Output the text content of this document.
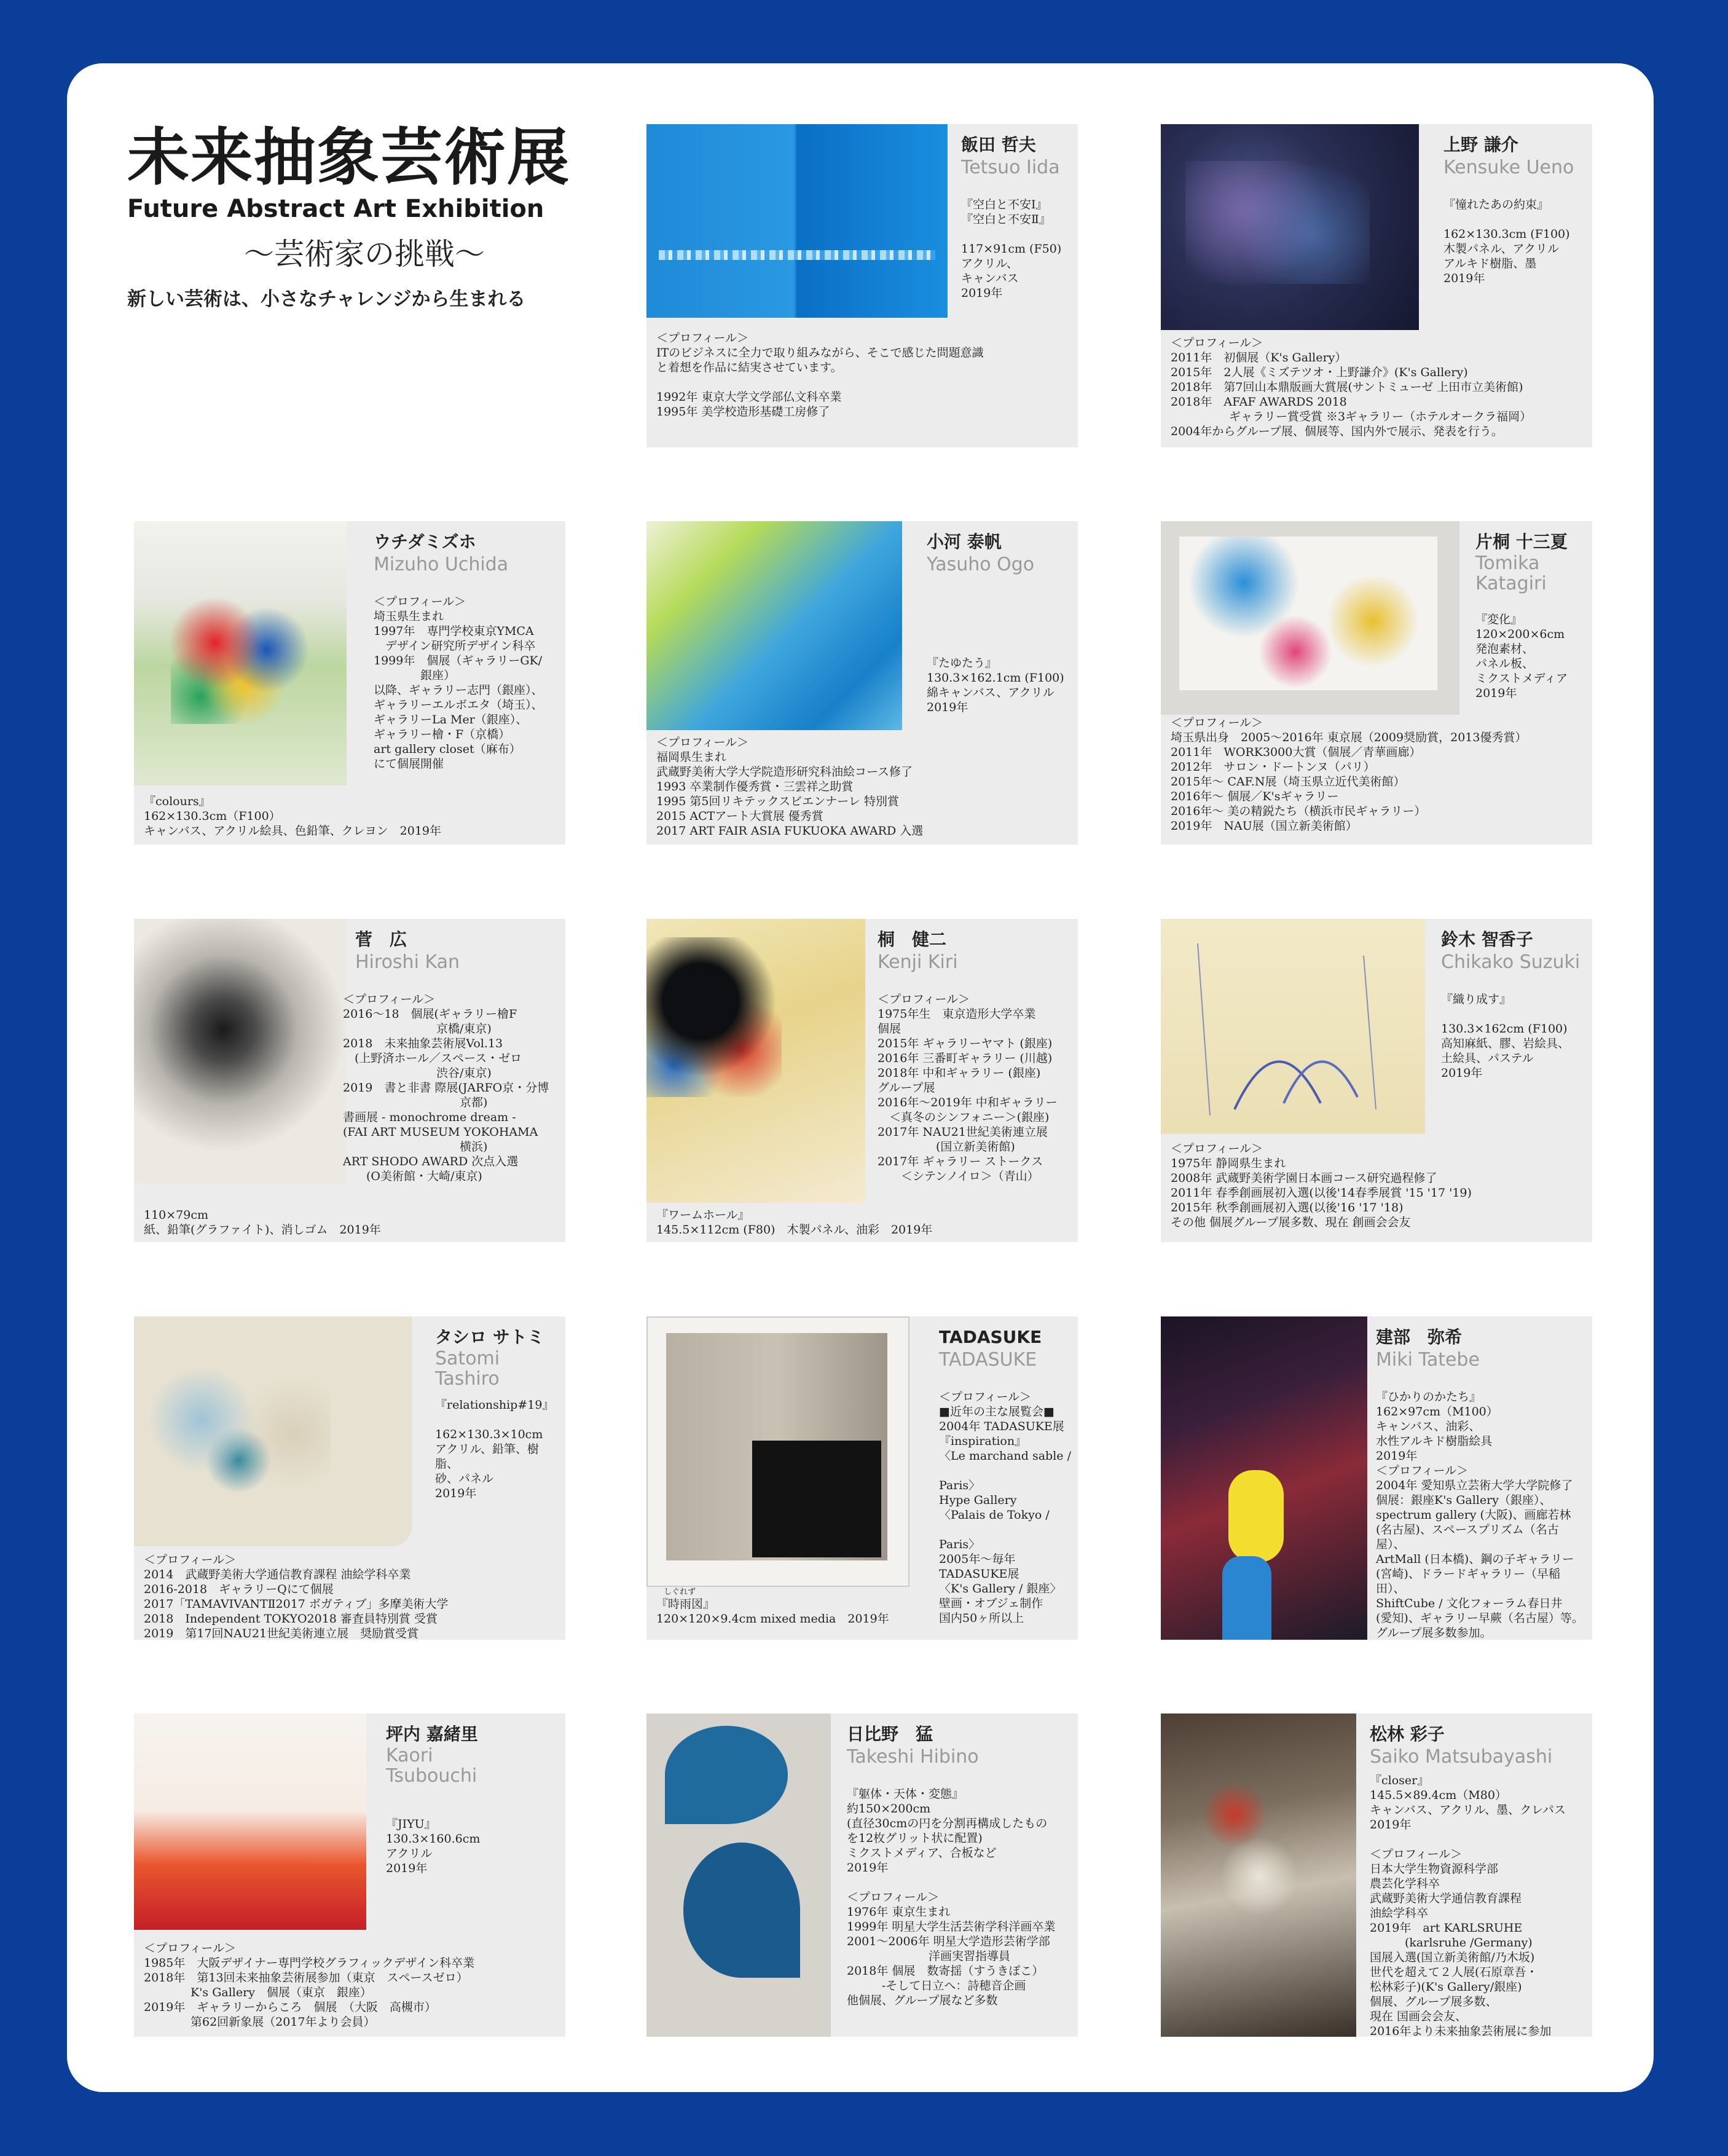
未来抽象芸術展
Future Abstract Art Exhibition
〜芸術家の挑戦〜
新しい芸術は、小さなチャレンジから生まれる
飯田 哲夫
Tetsuo Iida
『空白と不安Ⅰ』
『空白と不安Ⅱ』

117×91cm (F50)
アクリル、
キャンバス
2019年
＜プロフィール＞
ITのビジネスに全力で取り組みながら、そこで感じた問題意識
と着想を作品に結実させています。

1992年 東京大学文学部仏文科卒業
1995年 美学校造形基礎工房修了
上野 謙介
Kensuke Ueno
『憧れたあの約束』

162×130.3cm (F100)
木製パネル、アクリル
アルキド樹脂、墨
2019年
＜プロフィール＞
2011年　初個展（K's Gallery）
2015年　2人展《ミズテツオ・上野謙介》(K's Gallery)
2018年　第7回山本鼎版画大賞展(サントミューゼ 上田市立美術館)
2018年　AFAF AWARDS 2018
　　　　　ギャラリー賞受賞 ※3ギャラリー（ホテルオークラ福岡）
2004年からグループ展、個展等、国内外で展示、発表を行う。
ウチダミズホ
Mizuho Uchida
＜プロフィール＞
埼玉県生まれ
1997年　専門学校東京YMCA
　デザイン研究所デザイン科卒
1999年　個展（ギャラリーGK/
　　　　銀座）
以降、ギャラリー志門（銀座）、
ギャラリーエルボエタ（埼玉）、
ギャラリーLa Mer（銀座）、
ギャラリー檜・F（京橋）
art gallery closet（麻布）
にて個展開催
『colours』
162×130.3cm（F100）
キャンバス、アクリル絵具、色鉛筆、クレヨン　2019年
小河 泰帆
Yasuho Ogo
『たゆたう』
130.3×162.1cm (F100)
綿キャンバス、アクリル
2019年
＜プロフィール＞
福岡県生まれ
武蔵野美術大学大学院造形研究科油絵コース修了
1993 卒業制作優秀賞・三雲祥之助賞
1995 第5回リキテックスビエンナーレ 特別賞
2015 ACTアート大賞展 優秀賞
2017 ART FAIR ASIA FUKUOKA AWARD 入選
片桐 十三夏
Tomika
Katagiri
『変化』
120×200×6cm
発泡素材、
パネル板、
ミクストメディア
2019年
＜プロフィール＞
埼玉県出身　2005〜2016年 東京展（2009奨励賞，2013優秀賞）
2011年　WORK3000大賞（個展／青華画廊）
2012年　サロン・ドートンヌ（パリ）
2015年〜 CAF.N展（埼玉県立近代美術館）
2016年〜 個展／K'sギャラリー
2016年〜 美の精鋭たち（横浜市民ギャラリー）
2019年　NAU展（国立新美術館）
菅　広
Hiroshi Kan
＜プロフィール＞
2016〜18　個展(ギャラリー檜F
　　　　　　　　京橋/東京)
2018　未来抽象芸術展Vol.13
　(上野済ホール／スペース・ゼロ
　　　　　　　　渋谷/東京)
2019　書と非書 際展(JARFO京・分博
　　　　　　　　　　京都)
書画展 - monochrome dream -
(FAI ART MUSEUM YOKOHAMA
　　　　　　　　　　横浜)
ART SHODO AWARD 次点入選
　　(O美術館・大崎/東京)
110×79cm
紙、鉛筆(グラファイト)、消しゴム　2019年
桐　健二
Kenji Kiri
＜プロフィール＞
1975年生　東京造形大学卒業
個展
2015年 ギャラリーヤマト (銀座)
2016年 三番町ギャラリー (川越)
2018年 中和ギャラリー (銀座)
グループ展
2016年〜2019年 中和ギャラリー
　＜真冬のシンフォニー＞(銀座)
2017年 NAU21世紀美術連立展
　　　　　(国立新美術館)
2017年 ギャラリー ストークス
　　＜シテンノイロ＞（青山）
『ワームホール』
145.5×112cm (F80)　木製パネル、油彩　2019年
鈴木 智香子
Chikako Suzuki
『織り成す』

130.3×162cm (F100)
高知麻紙、膠、岩絵具、
土絵具、パステル
2019年
＜プロフィール＞
1975年 静岡県生まれ
2008年 武蔵野美術学園日本画コース研究過程修了
2011年 春季創画展初入選(以後'14春季展賞 '15 '17 '19)
2015年 秋季創画展初入選(以後'16 '17 '18)
その他 個展グループ展多数、現在 創画会会友
タシロ サトミ
Satomi
Tashiro
『relationship#19』

162×130.3×10cm
アクリル、鉛筆、樹脂、
砂、パネル
2019年
＜プロフィール＞
2014　武蔵野美術大学通信教育課程 油絵学科卒業
2016-2018　ギャラリーQにて個展
2017「TAMAVIVANTⅡ2017 ボガティブ」多摩美術大学
2018　Independent TOKYO2018 審査員特別賞 受賞
2019　第17回NAU21世紀美術連立展　奨励賞受賞
TADASUKE
TADASUKE
＜プロフィール＞
■近年の主な展覧会■
2004年 TADASUKE展
『inspiration』
〈Le marchand sable /
　　　　　　　　Paris〉
Hype Gallery
〈Palais de Tokyo /
　　　　　　　　Paris〉
2005年〜毎年
TADASUKE展
〈K's Gallery / 銀座〉
壁画・オブジェ制作
国内50ヶ所以上
しぐれず
『時雨図』
120×120×9.4cm mixed media　2019年
建部　弥希
Miki Tatebe
『ひかりのかたち』
162×97cm（M100）
キャンバス、油彩、
水性アルキド樹脂絵具
2019年
＜プロフィール＞
2004年 愛知県立芸術大学大学院修了
個展：銀座K's Gallery（銀座）、
spectrum gallery (大阪)、画廊若林
(名古屋)、スペースプリズム（名古屋）、
ArtMall (日本橋)、鋼の子ギャラリー
(宮崎)、ドラードギャラリー（早稲田）、
ShiftCube / 文化フォーラム春日井
(愛知)、ギャラリー早蕨（名古屋）等。
グループ展多数参加。
坪内 嘉緒里
Kaori
Tsubouchi
『JIYU』
130.3×160.6cm
アクリル
2019年
＜プロフィール＞
1985年　大阪デザイナー専門学校グラフィックデザイン科卒業
2018年　第13回未来抽象芸術展参加（東京　スペースゼロ）
　　　　K's Gallery　個展（東京　銀座）
2019年　ギャラリーからころ　個展　（大阪　高槻市）
　　　　第62回新象展（2017年より会員）
日比野　猛
Takeshi Hibino
『躯体・天体・変態』
約150×200cm
(直径30cmの円を分割再構成したもの
を12枚グリット状に配置)
ミクストメディア、合板など
2019年

＜プロフィール＞
1976年 東京生まれ
1999年 明星大学生活芸術学科洋画卒業
2001〜2006年 明星大学造形芸術学部
　　　　　　　洋画実習指導員
2018年 個展　数寄揺（すうきぽこ）
　　　-そして日立へ：詩穂音企画
他個展、グループ展など多数
松林 彩子
Saiko Matsubayashi
『closer』
145.5×89.4cm（M80）
キャンバス、アクリル、墨、クレパス
2019年

＜プロフィール＞
日本大学生物資源科学部
農芸化学科卒
武蔵野美術大学通信教育課程
油絵学科卒
2019年　art KARLSRUHE
　　　(karlsruhe /Germany)
国展入選(国立新美術館/乃木坂)
世代を超えて２人展(石原章吾・
松林彩子)(K's Gallery/銀座)
個展、グループ展多数、
現在 国画会会友、
2016年より未来抽象芸術展に参加
